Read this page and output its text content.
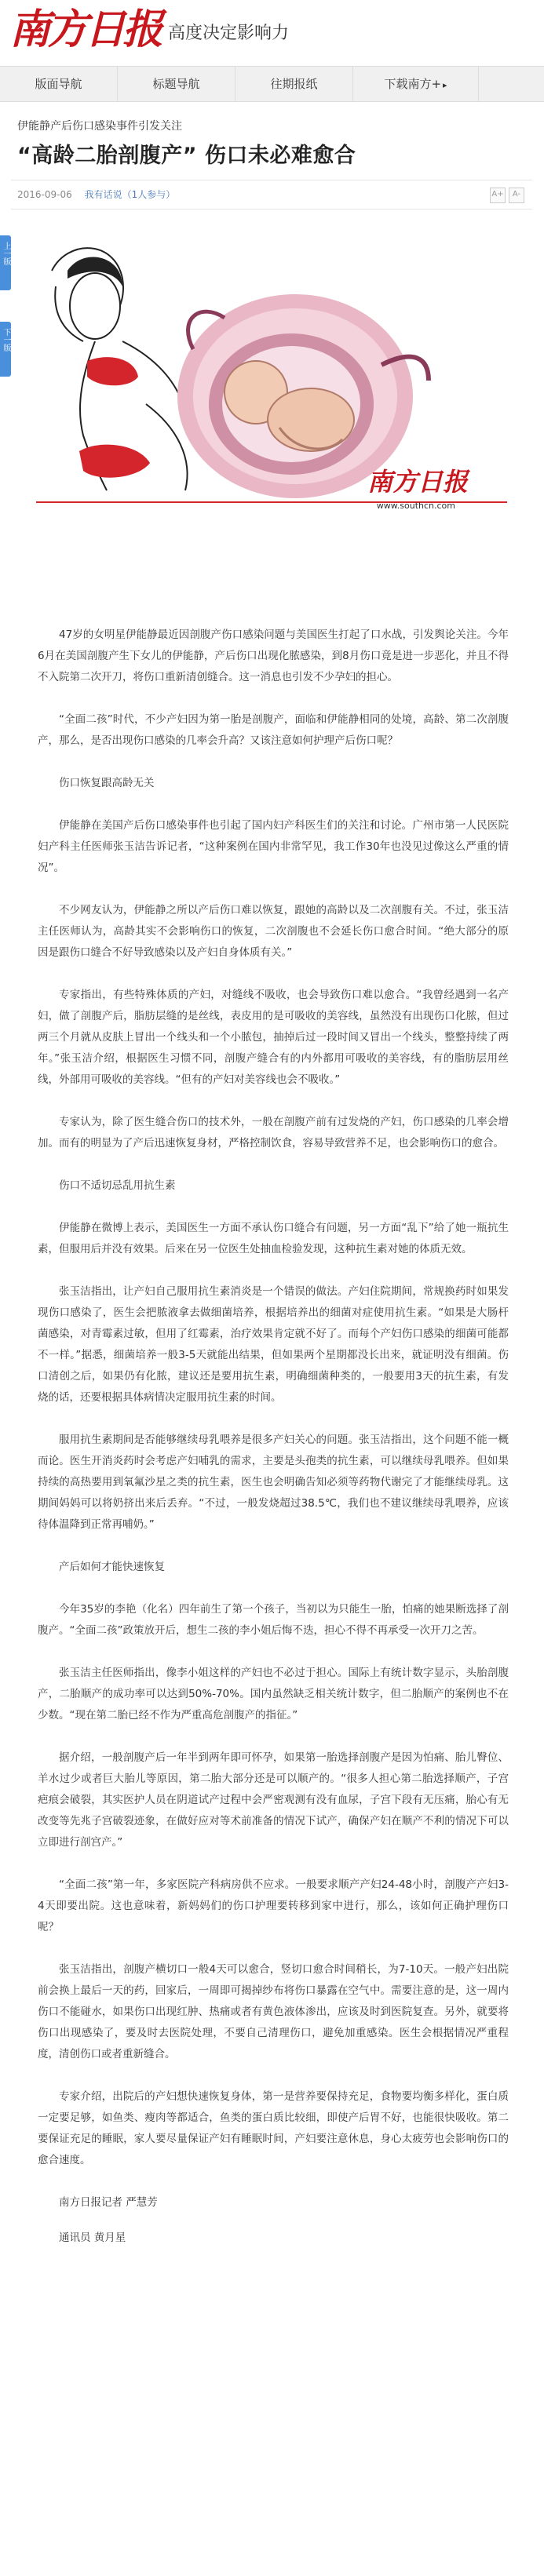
南方日报 高度决定影响力
版面导航	标题导航	往期报纸	下载南方+ ▸
上一版
下一版
伊能静产后伤口感染事件引发关注
“高龄二胎剖腹产” 伤口未必难愈合
2016-09-06 我有话说（1人参与）	A+	A-
南方日报
www.southcn.com

47岁的女明星伊能静最近因剖腹产伤口感染问题与美国医生打起了口水战，引发舆论关注。今年6月在美国剖腹产生下女儿的伊能静，产后伤口出现化脓感染，到8月伤口竟是进一步恶化，并且不得不入院第二次开刀，将伤口重新清创缝合。这一消息也引发不少孕妇的担心。

“全面二孩”时代，不少产妇因为第一胎是剖腹产，面临和伊能静相同的处境，高龄、第二次剖腹产，那么，是否出现伤口感染的几率会升高？又该注意如何护理产后伤口呢？

伤口恢复跟高龄无关

伊能静在美国产后伤口感染事件也引起了国内妇产科医生们的关注和讨论。广州市第一人民医院妇产科主任医师张玉洁告诉记者，“这种案例在国内非常罕见，我工作30年也没见过像这么严重的情况”。

不少网友认为，伊能静之所以产后伤口难以恢复，跟她的高龄以及二次剖腹有关。不过，张玉洁主任医师认为，高龄其实不会影响伤口的恢复，二次剖腹也不会延长伤口愈合时间。“绝大部分的原因是跟伤口缝合不好导致感染以及产妇自身体质有关。”

专家指出，有些特殊体质的产妇，对缝线不吸收，也会导致伤口难以愈合。“我曾经遇到一名产妇，做了剖腹产后，脂肪层缝的是丝线，表皮用的是可吸收的美容线，虽然没有出现伤口化脓，但过两三个月就从皮肤上冒出一个线头和一个小脓包，抽掉后过一段时间又冒出一个线头，整整持续了两年。”张玉洁介绍，根据医生习惯不同，剖腹产缝合有的内外都用可吸收的美容线，有的脂肪层用丝线，外部用可吸收的美容线。“但有的产妇对美容线也会不吸收。”

专家认为，除了医生缝合伤口的技术外，一般在剖腹产前有过发烧的产妇，伤口感染的几率会增加。而有的明显为了产后迅速恢复身材，严格控制饮食，容易导致营养不足，也会影响伤口的愈合。

伤口不适切忌乱用抗生素

伊能静在微博上表示，美国医生一方面不承认伤口缝合有问题，另一方面“乱下”给了她一瓶抗生素，但服用后并没有效果。后来在另一位医生处抽血检验发现，这种抗生素对她的体质无效。

张玉洁指出，让产妇自己服用抗生素消炎是一个错误的做法。产妇住院期间，常规换药时如果发现伤口感染了，医生会把脓液拿去做细菌培养，根据培养出的细菌对症使用抗生素。“如果是大肠杆菌感染，对青霉素过敏，但用了红霉素，治疗效果肯定就不好了。而每个产妇伤口感染的细菌可能都不一样。”据悉，细菌培养一般3-5天就能出结果，但如果两个星期都没长出来，就证明没有细菌。伤口清创之后，如果仍有化脓，建议还是要用抗生素，明确细菌种类的，一般要用3天的抗生素，有发烧的话，还要根据具体病情决定服用抗生素的时间。

服用抗生素期间是否能够继续母乳喂养是很多产妇关心的问题。张玉洁指出，这个问题不能一概而论。医生开消炎药时会考虑产妇哺乳的需求，主要是头孢类的抗生素，可以继续母乳喂养。但如果持续的高热要用到氧氟沙星之类的抗生素，医生也会明确告知必须等药物代谢完了才能继续母乳。这期间妈妈可以将奶挤出来后丢弃。“不过，一般发烧超过38.5℃，我们也不建议继续母乳喂养，应该待体温降到正常再哺奶。”

产后如何才能快速恢复

今年35岁的李艳（化名）四年前生了第一个孩子，当初以为只能生一胎，怕痛的她果断选择了剖腹产。“全面二孩”政策放开后，想生二孩的李小姐后悔不迭，担心不得不再承受一次开刀之苦。

张玉洁主任医师指出，像李小姐这样的产妇也不必过于担心。国际上有统计数字显示，头胎剖腹产，二胎顺产的成功率可以达到50%-70%。国内虽然缺乏相关统计数字，但二胎顺产的案例也不在少数。“现在第二胎已经不作为严重高危剖腹产的指征。”

据介绍，一般剖腹产后一年半到两年即可怀孕，如果第一胎选择剖腹产是因为怕痛、胎儿臀位、羊水过少或者巨大胎儿等原因，第二胎大部分还是可以顺产的。“很多人担心第二胎选择顺产，子宫疤痕会破裂，其实医护人员在阴道试产过程中会严密观测有没有血尿，子宫下段有无压痛，胎心有无改变等先兆子宫破裂迹象，在做好应对等术前准备的情况下试产，确保产妇在顺产不利的情况下可以立即进行剖宫产。”

“全面二孩”第一年，多家医院产科病房供不应求。一般要求顺产产妇24-48小时，剖腹产产妇3-4天即要出院。这也意味着，新妈妈们的伤口护理要转移到家中进行，那么，该如何正确护理伤口呢？

张玉洁指出，剖腹产横切口一般4天可以愈合，竖切口愈合时间稍长，为7-10天。一般产妇出院前会换上最后一天的药，回家后，一周即可揭掉纱布将伤口暴露在空气中。需要注意的是，这一周内伤口不能碰水，如果伤口出现红肿、热痛或者有黄色液体渗出，应该及时到医院复查。另外，就要将伤口出现感染了，要及时去医院处理，不要自己清理伤口，避免加重感染。医生会根据情况严重程度，清创伤口或者重新缝合。

专家介绍，出院后的产妇想快速恢复身体，第一是营养要保持充足，食物要均衡多样化，蛋白质一定要足够，如鱼类、瘦肉等都适合，鱼类的蛋白质比较细，即使产后胃不好，也能很快吸收。第二要保证充足的睡眠，家人要尽量保证产妇有睡眠时间，产妇要注意休息，身心太疲劳也会影响伤口的愈合速度。

南方日报记者 严慧芳

通讯员 黄月星
